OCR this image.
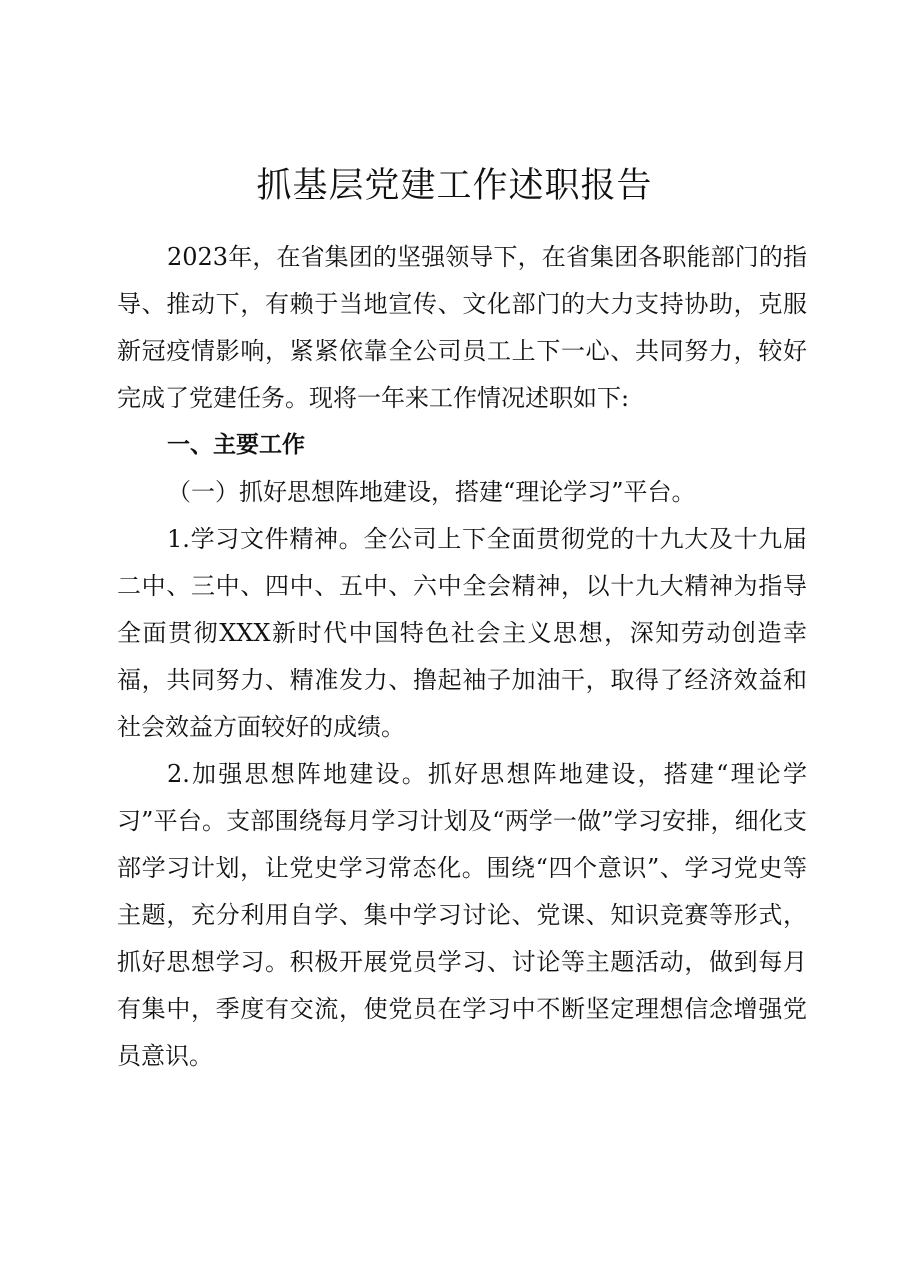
抓基层党建工作述职报告

2023年，在省集团的坚强领导下，在省集团各职能部门的指导、推动下，有赖于当地宣传、文化部门的大力支持协助，克服新冠疫情影响，紧紧依靠全公司员工上下一心、共同努力，较好完成了党建任务。现将一年来工作情况述职如下:

一、主要工作

（一）抓好思想阵地建设，搭建“理论学习”平台。

1.学习文件精神。全公司上下全面贯彻党的十九大及十九届二中、三中、四中、五中、六中全会精神，以十九大精神为指导全面贯彻XXX新时代中国特色社会主义思想，深知劳动创造幸福，共同努力、精准发力、撸起袖子加油干，取得了经济效益和社会效益方面较好的成绩。

2.加强思想阵地建设。抓好思想阵地建设，搭建“理论学习”平台。支部围绕每月学习计划及“两学一做”学习安排，细化支部学习计划，让党史学习常态化。围绕“四个意识”、学习党史等主题，充分利用自学、集中学习讨论、党课、知识竞赛等形式，抓好思想学习。积极开展党员学习、讨论等主题活动，做到每月有集中，季度有交流，使党员在学习中不断坚定理想信念增强党员意识。
